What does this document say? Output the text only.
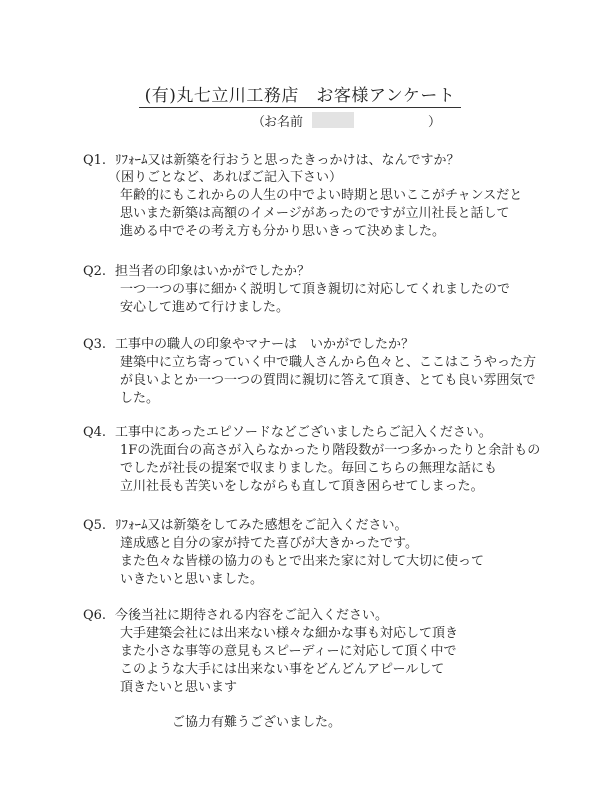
(有)丸七立川工務店　お客様アンケート
（
お名前	）
Q1. ﾘﾌｫｰﾑ又は新築を行おうと思ったきっかけは、なんですか？
（困りごとなど、あればご記入下さい）
年齢的にもこれからの人生の中でよい時期と思いここがチャンスだと
思いまた新築は高額のイメージがあったのですが立川社長と話して
進める中でその考え方も分かり思いきって決めました。
Q2. 担当者の印象はいかがでしたか？
一つ一つの事に細かく説明して頂き親切に対応してくれましたので
安心して進めて行けました。
Q3. 工事中の職人の印象やマナーは　いかがでしたか？
建築中に立ち寄っていく中で職人さんから色々と、ここはこうやった方
が良いよとか一つ一つの質問に親切に答えて頂き、とても良い雰囲気で
した。
Q4. 工事中にあったエピソードなどございましたらご記入ください。
1Fの洗面台の高さが入らなかったり階段数が一つ多かったりと余計もの
でしたが社長の提案で収まりました。毎回こちらの無理な話にも
立川社長も苦笑いをしながらも直して頂き困らせてしまった。
Q5. ﾘﾌｫｰﾑ又は新築をしてみた感想をご記入ください。
達成感と自分の家が持てた喜びが大きかったです。
また色々な皆様の協力のもとで出来た家に対して大切に使って
いきたいと思いました。
Q6. 今後当社に期待される内容をご記入ください。
大手建築会社には出来ない様々な細かな事も対応して頂き
また小さな事等の意見もスピーディーに対応して頂く中で
このような大手には出来ない事をどんどんアピールして
頂きたいと思います
ご協力有難うございました。
